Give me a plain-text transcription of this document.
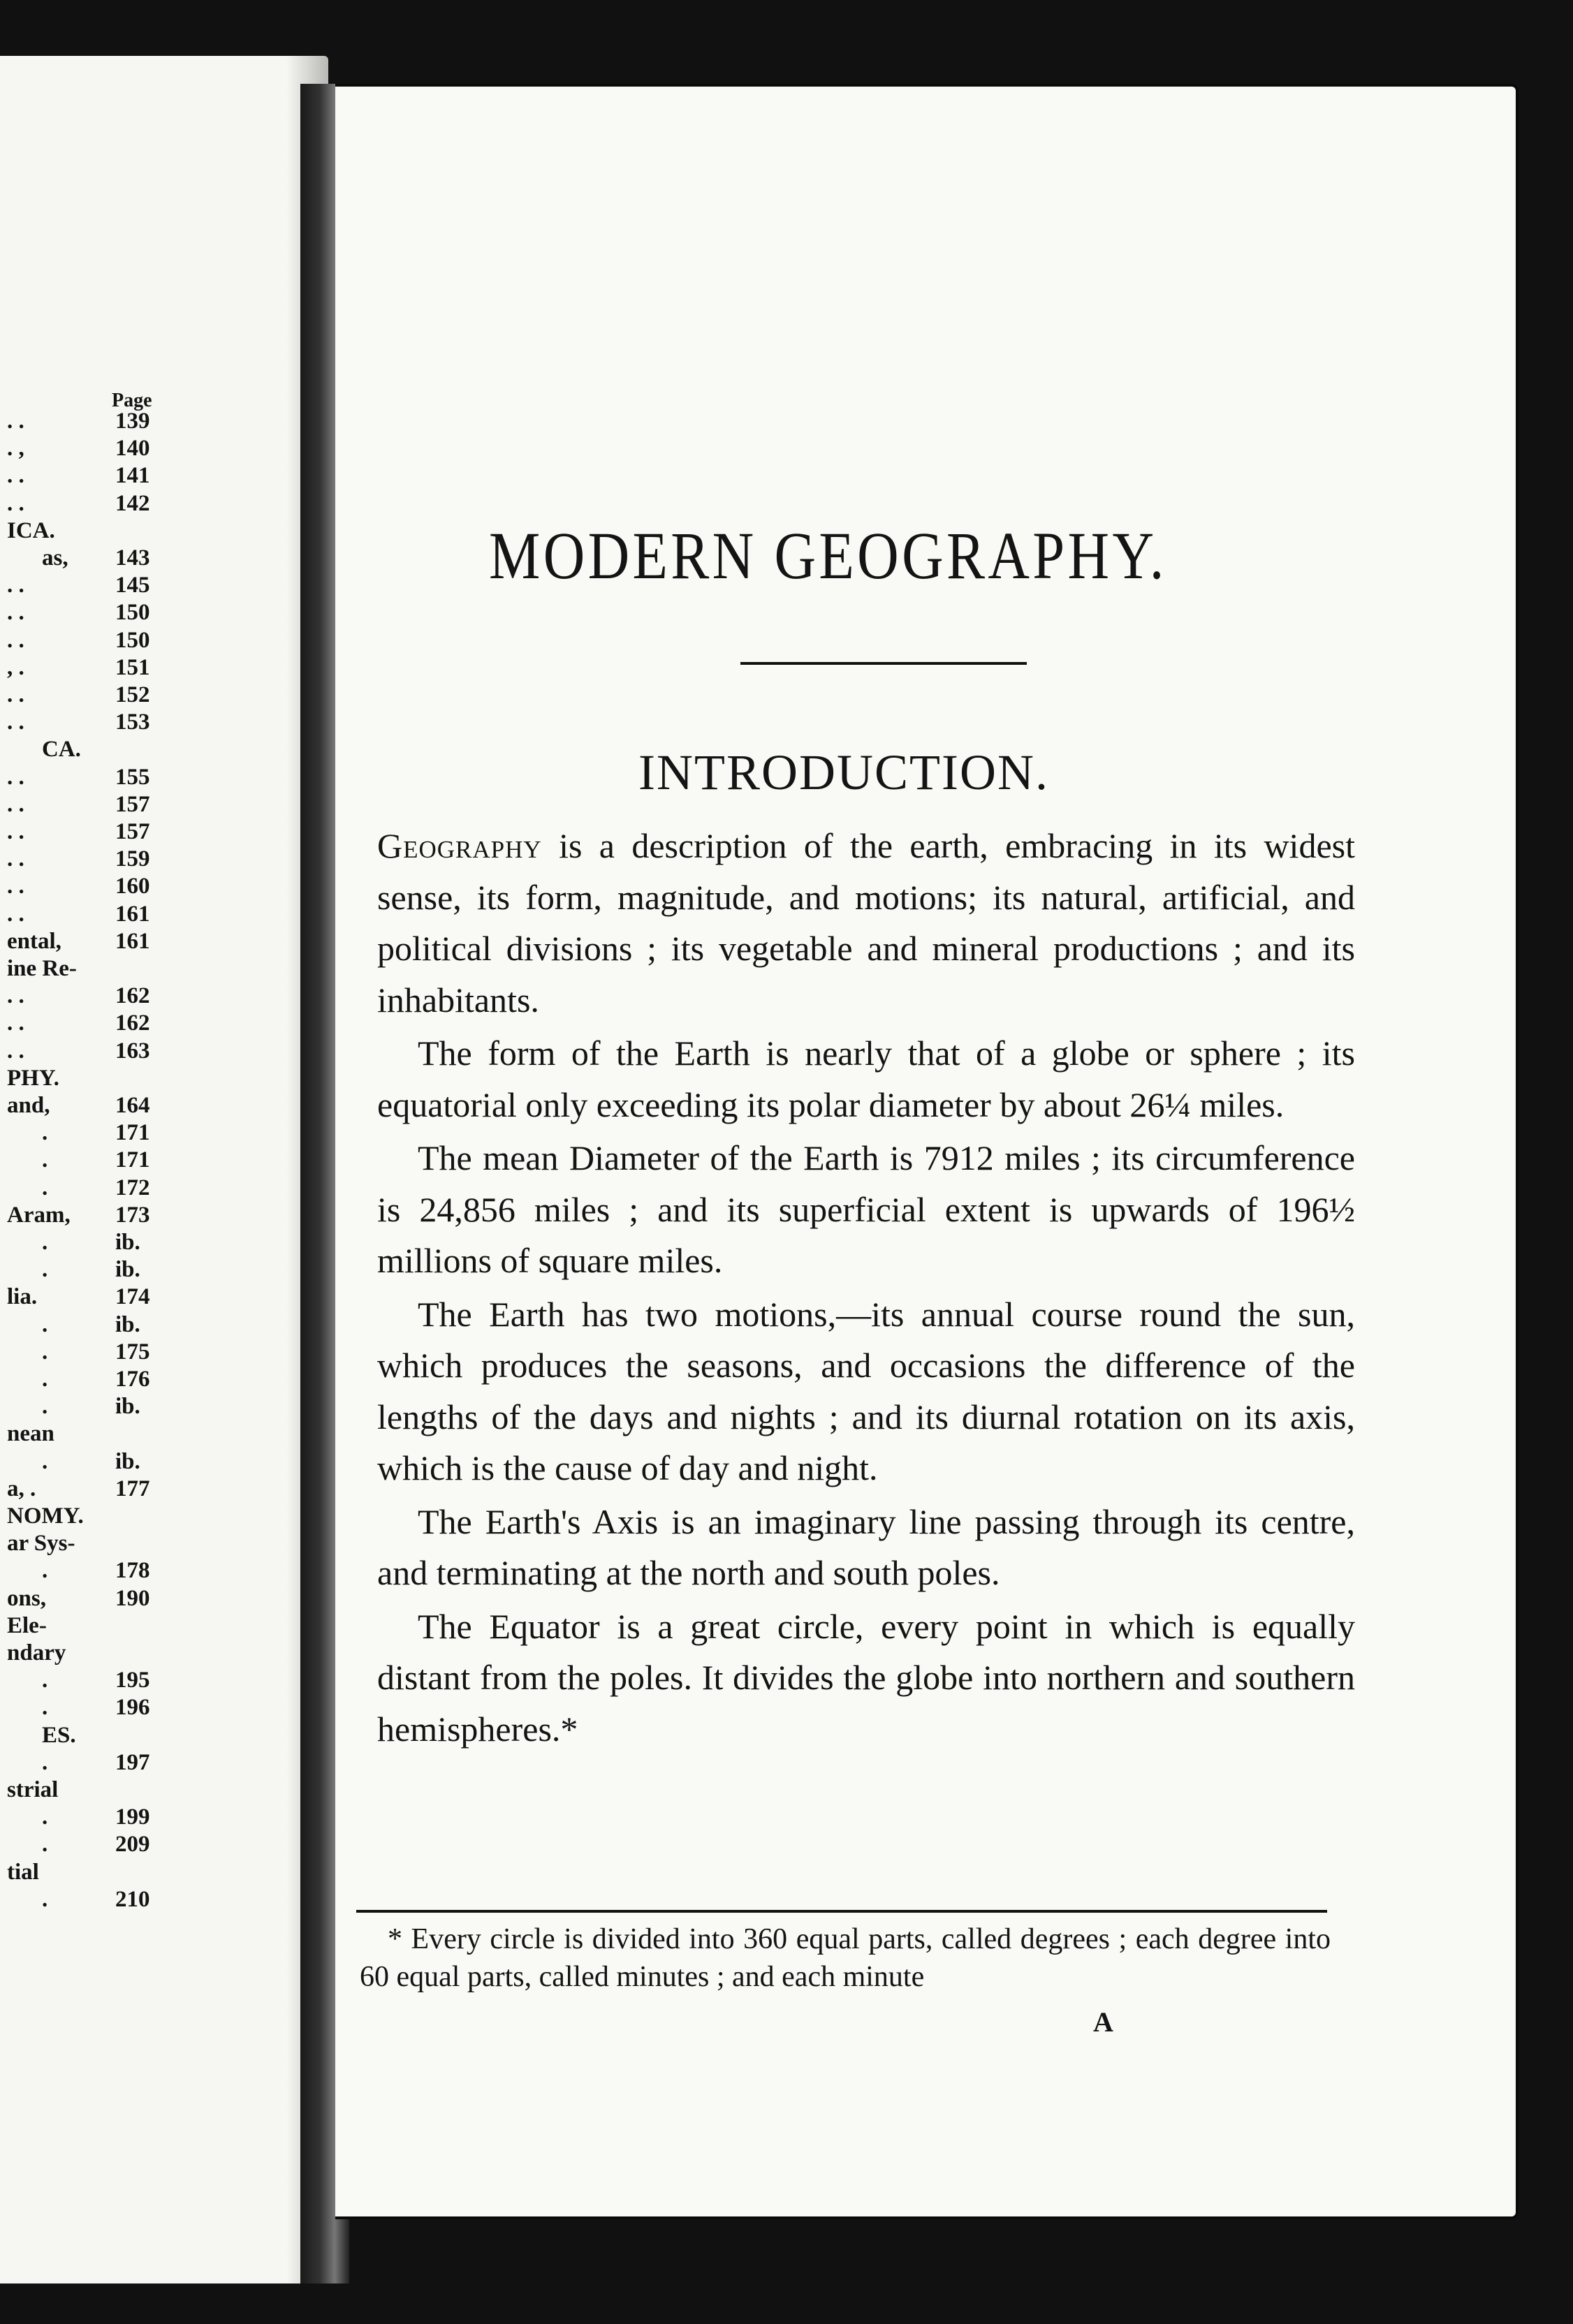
Page
. .	139
. ,	140
. .	141
. .	142
ICA.
as, 143
. .	145
. .	150
. .	150
, .	151
. .	152
. .	153
CA.
. .	155
. .	157
. .	157
. .	159
. .	160
. .	161
ental, 161
ine Re-
. .	162
. .	162
. .	163
PHY.
and,	164
.	171
.	171
.	172
Aram, 173
.	ib.
.	ib.
lia.	174
.	ib.
.	175
.	176
.	ib.
nean
.	ib.
a, .	177
NOMY.
ar Sys-
.	178
ons,	190
Ele-
ndary
.	195
.	196
ES.
.	197
strial
.	199
.	209
tial
.	210
MODERN GEOGRAPHY.
INTRODUCTION.

Geography is a description of the earth, embracing in its widest sense, its form, magnitude, and motions; its natural, artificial, and political divisions ; its vegetable and mineral productions ; and its inhabitants.

The form of the Earth is nearly that of a globe or sphere ; its equatorial only exceeding its polar diameter by about 26¼ miles.

The mean Diameter of the Earth is 7912 miles ; its circumference is 24,856 miles ; and its superficial extent is upwards of 196½ millions of square miles.

The Earth has two motions,—its annual course round the sun, which produces the seasons, and occasions the difference of the lengths of the days and nights ; and its diurnal rotation on its axis, which is the cause of day and night.

The Earth's Axis is an imaginary line passing through its centre, and terminating at the north and south poles.

The Equator is a great circle, every point in which is equally distant from the poles. It divides the globe into northern and southern hemispheres.*

* Every circle is divided into 360 equal parts, called degrees ; each degree into 60 equal parts, called minutes ; and each minute
A
